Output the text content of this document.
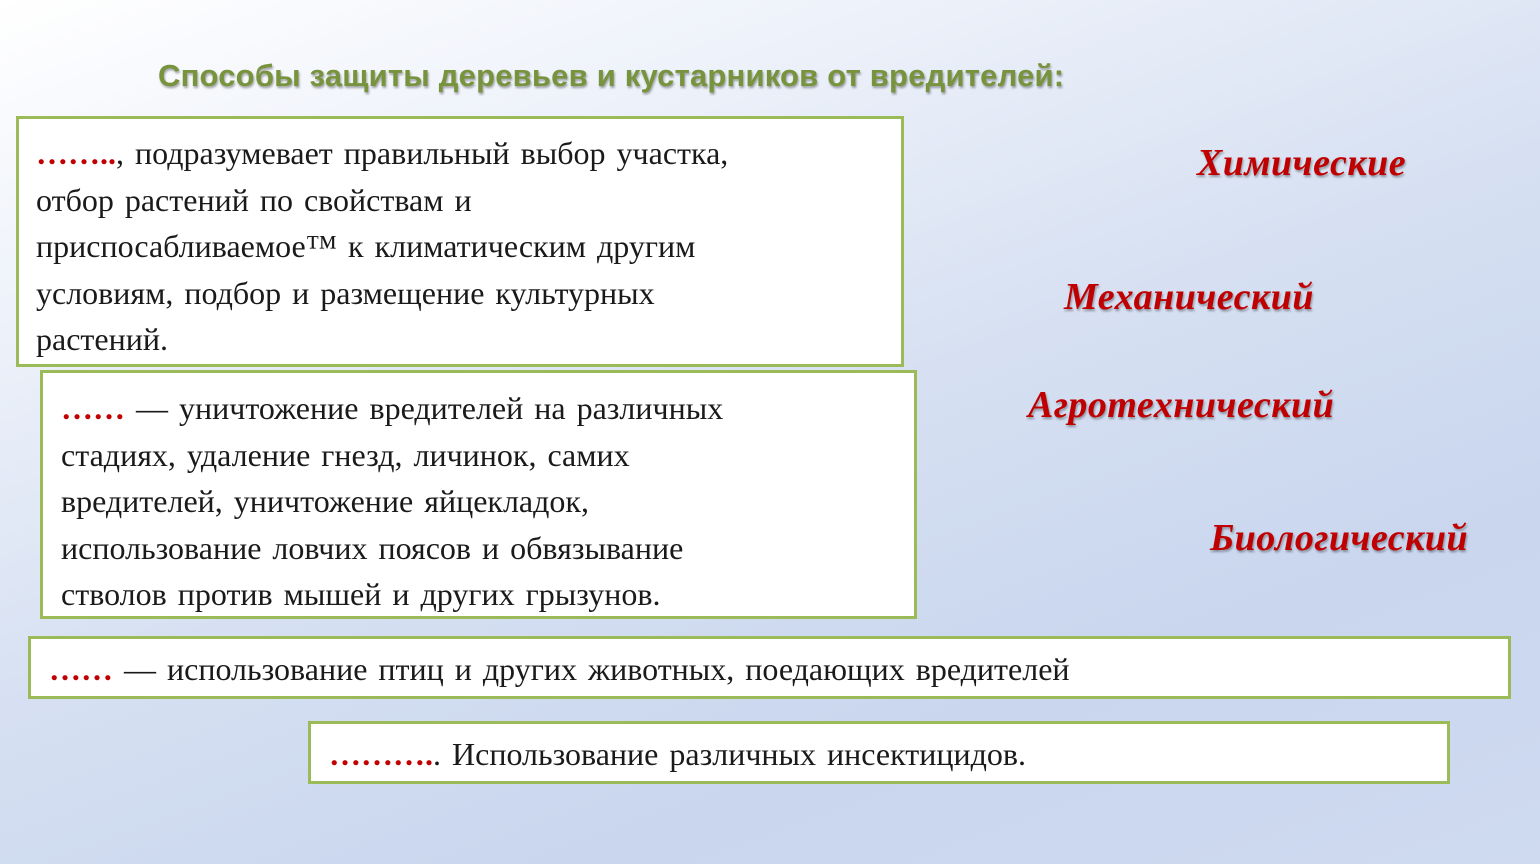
Способы защиты деревьев и кустарников от вредителей:
…….., подразумевает правильный выбор участка,
отбор растений по свойствам и
приспосабливаемое™ к климатическим другим
условиям, подбор и размещение культурных
растений.
…… — уничтожение вредителей на различных
стадиях, удаление гнезд, личинок, самих
вредителей, уничтожение яйцекладок,
использование ловчих поясов и обвязывание
стволов против мышей и других грызунов.
…… — использование птиц и других животных, поедающих вредителей
……….. Использование различных инсектицидов.
Химические
Механический
Агротехнический
Биологический
